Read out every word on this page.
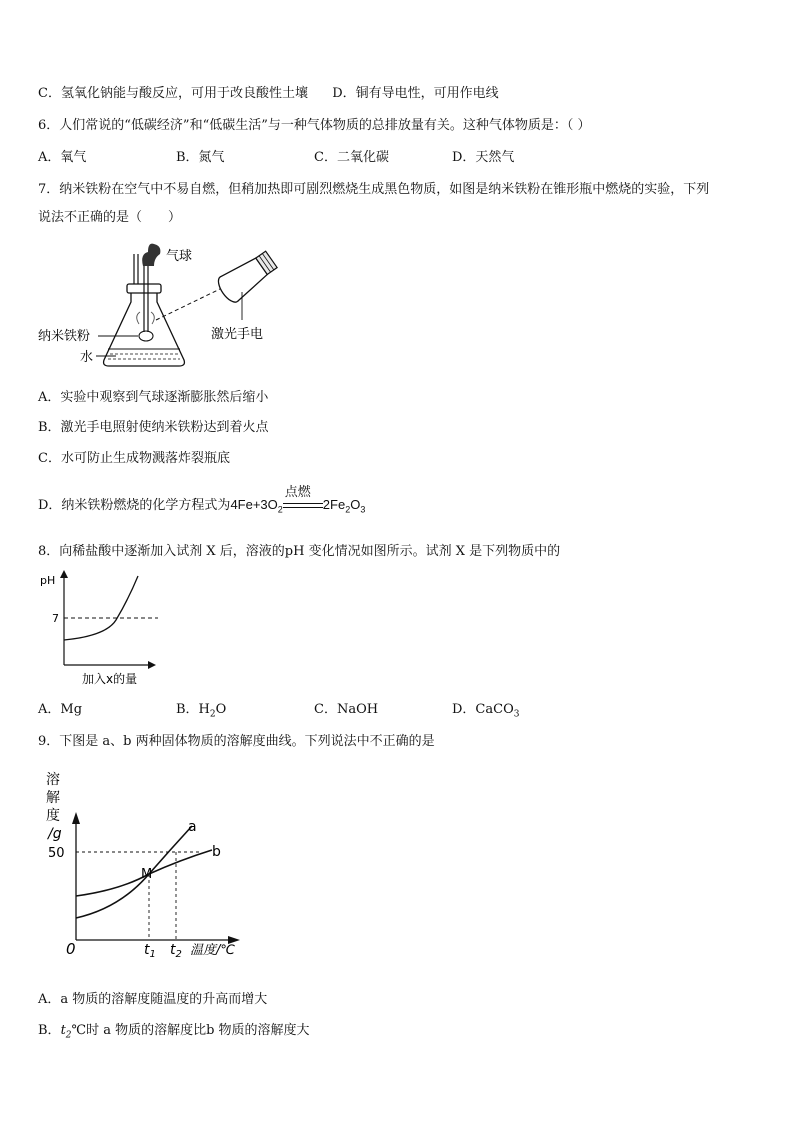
C．氢氧化钠能与酸反应，可用于改良酸性土壤 D．铜有导电性，可用作电线
6．人们常说的“低碳经济”和“低碳生活”与一种气体物质的总排放量有关。这种气体物质是：（ ）
A．氧气	B．氮气	C．二氧化碳	D．天然气
7．纳米铁粉在空气中不易自燃，但稍加热即可剧烈燃烧生成黑色物质，如图是纳米铁粉在锥形瓶中燃烧的实验，下列
说法不正确的是（　　）
气球
激光手电
纳米铁粉
水
A．实验中观察到气球逐渐膨胀然后缩小
B．激光手电照射使纳米铁粉达到着火点
C．水可防止生成物溅落炸裂瓶底
D．纳米铁粉燃烧的化学方程式为$4Fe+3O_2$
点燃
$2Fe_2O_3$
8．向稀盐酸中逐渐加入试剂 X 后，溶液的pH 变化情况如图所示。试剂 X 是下列物质中的
pH
7
加入x的量
A．Mg	B．$H_2O$	C．NaOH	D．CaCO$_3$
9．下图是 a、b 两种固体物质的溶解度曲线。下列说法中不正确的是
溶
解
度
/g
50
0
M
a
b
$t_1$ $t_2$ 温度/℃
A．a 物质的溶解度随温度的升高而增大
B．$t_2℃$时 a 物质的溶解度比b 物质的溶解度大
